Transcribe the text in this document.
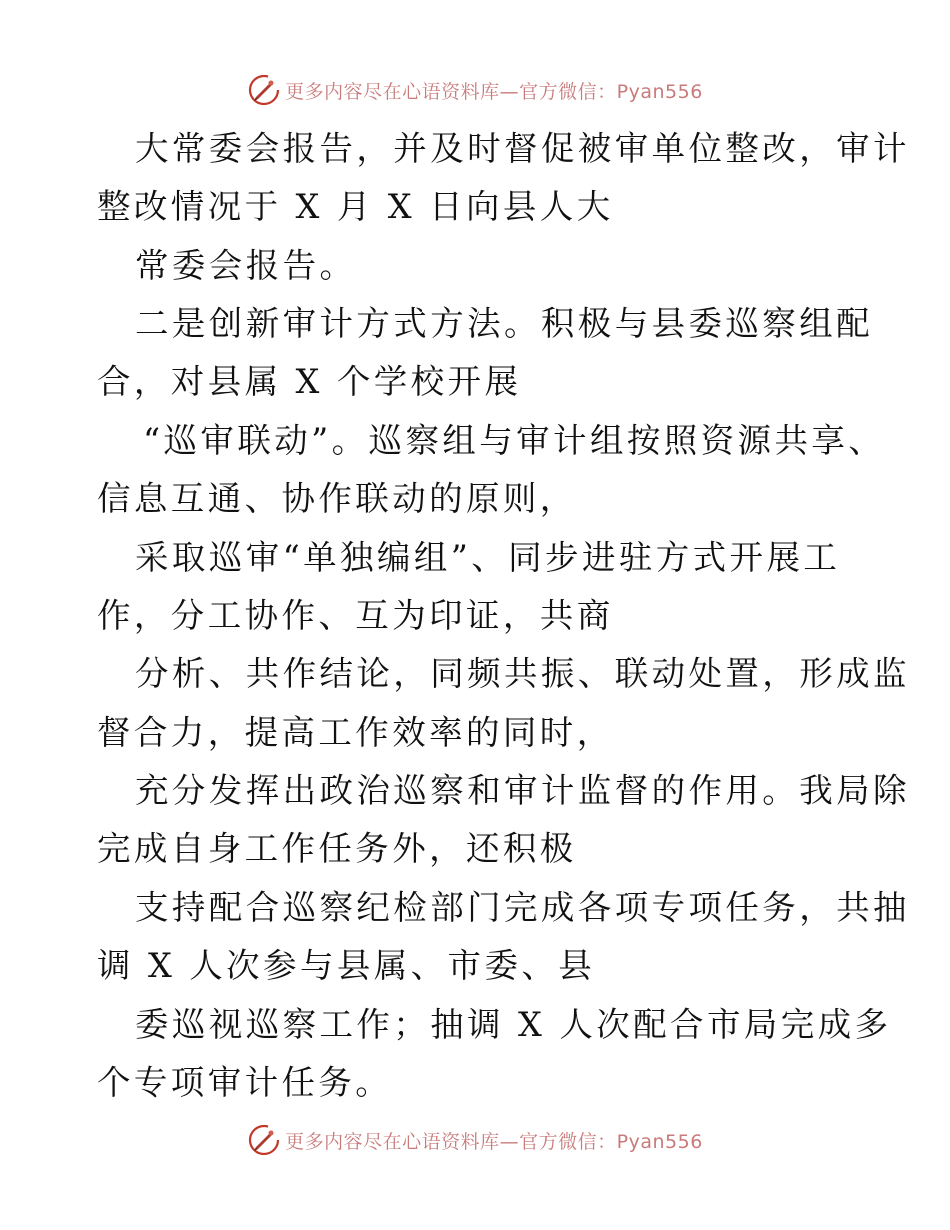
更多内容尽在心语资料库—官方微信：Pyan556
大常委会报告，并及时督促被审单位整改，审计
整改情况于 X 月 X 日向县人大
常委会报告。
二是创新审计方式方法。积极与县委巡察组配
合，对县属 X 个学校开展
“巡审联动”。巡察组与审计组按照资源共享、
信息互通、协作联动的原则，
采取巡审“单独编组”、同步进驻方式开展工
作，分工协作、互为印证，共商
分析、共作结论，同频共振、联动处置，形成监
督合力，提高工作效率的同时，
充分发挥出政治巡察和审计监督的作用。我局除
完成自身工作任务外，还积极
支持配合巡察纪检部门完成各项专项任务，共抽
调 X 人次参与县属、市委、县
委巡视巡察工作；抽调 X 人次配合市局完成多
个专项审计任务。
更多内容尽在心语资料库—官方微信：Pyan556
